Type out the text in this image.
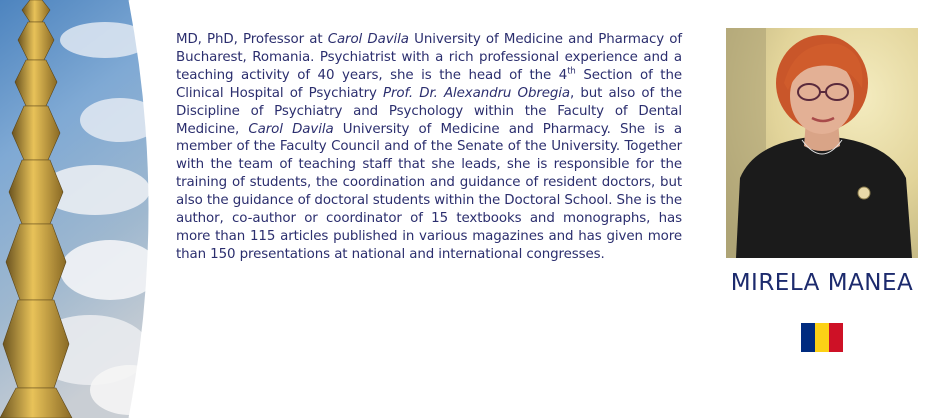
MD, PhD, Professor at Carol Davila University of Medicine and Pharmacy of Bucharest, Romania. Psychiatrist with a rich professional experience and a teaching activity of 40 years, she is the head of the 4th Section of the Clinical Hospital of Psychiatry Prof. Dr. Alexandru Obregia, but also of the Discipline of Psychiatry and Psychology within the Faculty of Dental Medicine, Carol Davila University of Medicine and Pharmacy. She is a member of the Faculty Council and of the Senate of the University. Together with the team of teaching staff that she leads, she is responsible for the training of students, the coordination and guidance of resident doctors, but also the guidance of doctoral students within the Doctoral School. She is the author, co-author or coordinator of 15 textbooks and monographs, has more than 115 articles published in various magazines and has given more than 150 presentations at national and international congresses.

MIRELA MANEA
